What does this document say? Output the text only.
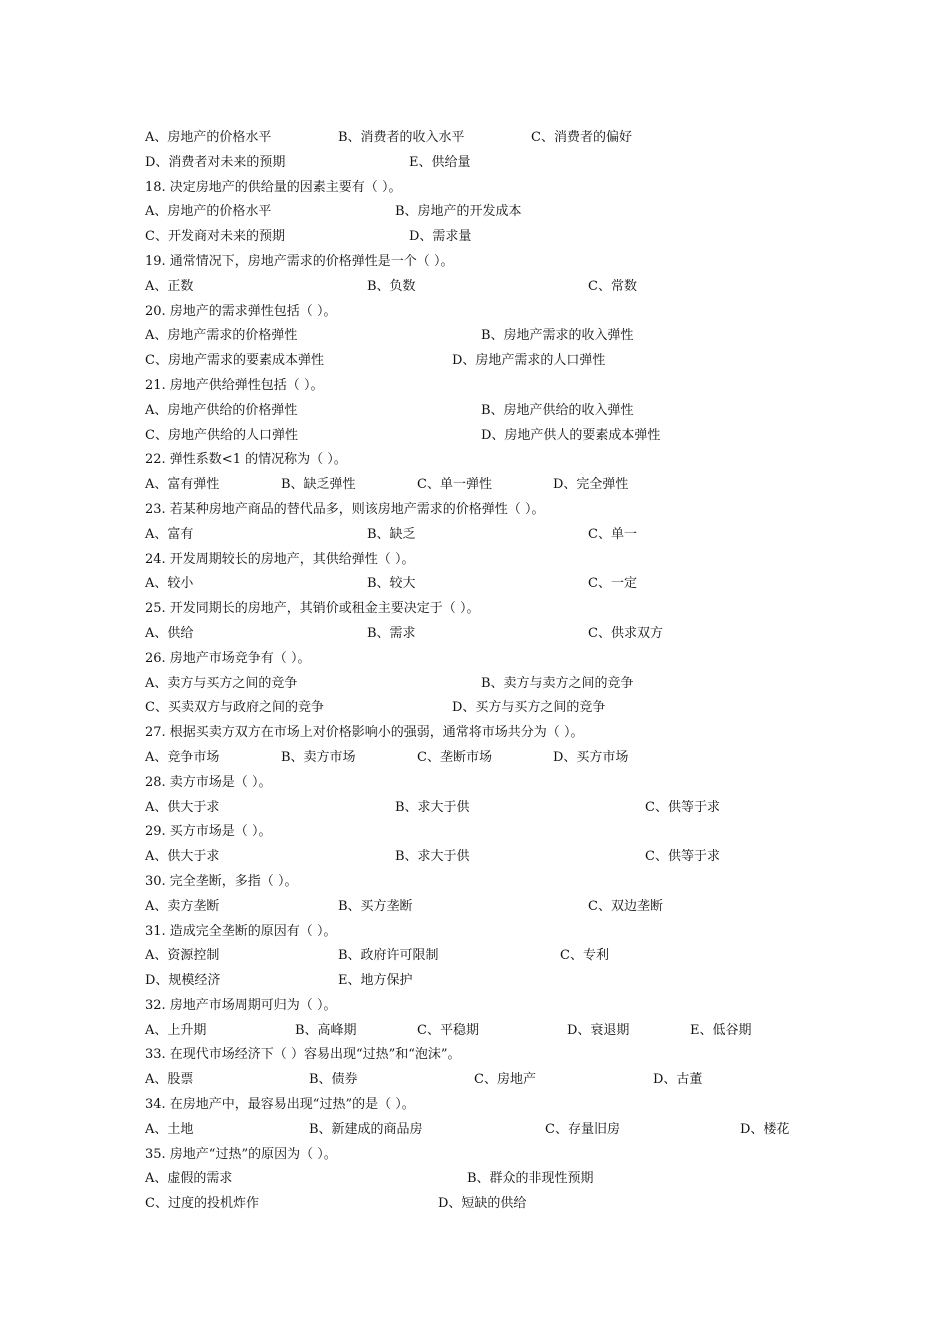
A、房地产的价格水平	B、消费者的收入水平	C、消费者的偏好
D、消费者对未来的预期	E、供给量
18. 决定房地产的供给量的因素主要有（ ）。
A、房地产的价格水平	B、房地产的开发成本
C、开发商对未来的预期	D、需求量
19. 通常情况下，房地产需求的价格弹性是一个（ ）。
A、正数	B、负数	C、常数
20. 房地产的需求弹性包括（ ）。
A、房地产需求的价格弹性	B、房地产需求的收入弹性
C、房地产需求的要素成本弹性	D、房地产需求的人口弹性
21. 房地产供给弹性包括（ ）。
A、房地产供给的价格弹性	B、房地产供给的收入弹性
C、房地产供给的人口弹性	D、房地产供人的要素成本弹性
22. 弹性系数<1 的情况称为（ ）。
A、富有弹性	B、缺乏弹性	C、单一弹性	D、完全弹性
23. 若某种房地产商品的替代品多，则该房地产需求的价格弹性（ ）。
A、富有	B、缺乏	C、单一
24. 开发周期较长的房地产，其供给弹性（ ）。
A、较小	B、较大	C、一定
25. 开发同期长的房地产，其销价或租金主要决定于（ ）。
A、供给	B、需求	C、供求双方
26. 房地产市场竞争有（ ）。
A、卖方与买方之间的竞争	B、卖方与卖方之间的竞争
C、买卖双方与政府之间的竞争	D、买方与买方之间的竞争
27. 根据买卖方双方在市场上对价格影响小的强弱，通常将市场共分为（ ）。
A、竞争市场	B、卖方市场	C、垄断市场	D、买方市场
28. 卖方市场是（ ）。
A、供大于求	B、求大于供	C、供等于求
29. 买方市场是（ ）。
A、供大于求	B、求大于供	C、供等于求
30. 完全垄断，多指（ ）。
A、卖方垄断	B、买方垄断	C、双边垄断
31. 造成完全垄断的原因有（ ）。
A、资源控制	B、政府许可限制	C、专利
D、规模经济	E、地方保护
32. 房地产市场周期可归为（ ）。
A、上升期	B、高峰期	C、平稳期	D、衰退期	E、低谷期
33. 在现代市场经济下（ ）容易出现“过热”和“泡沫”。
A、股票	B、债券	C、房地产	D、古董
34. 在房地产中，最容易出现“过热”的是（ ）。
A、土地	B、新建成的商品房	C、存量旧房	D、楼花
35. 房地产“过热”的原因为（ ）。
A、虚假的需求	B、群众的非现性预期
C、过度的投机炸作	D、短缺的供给
